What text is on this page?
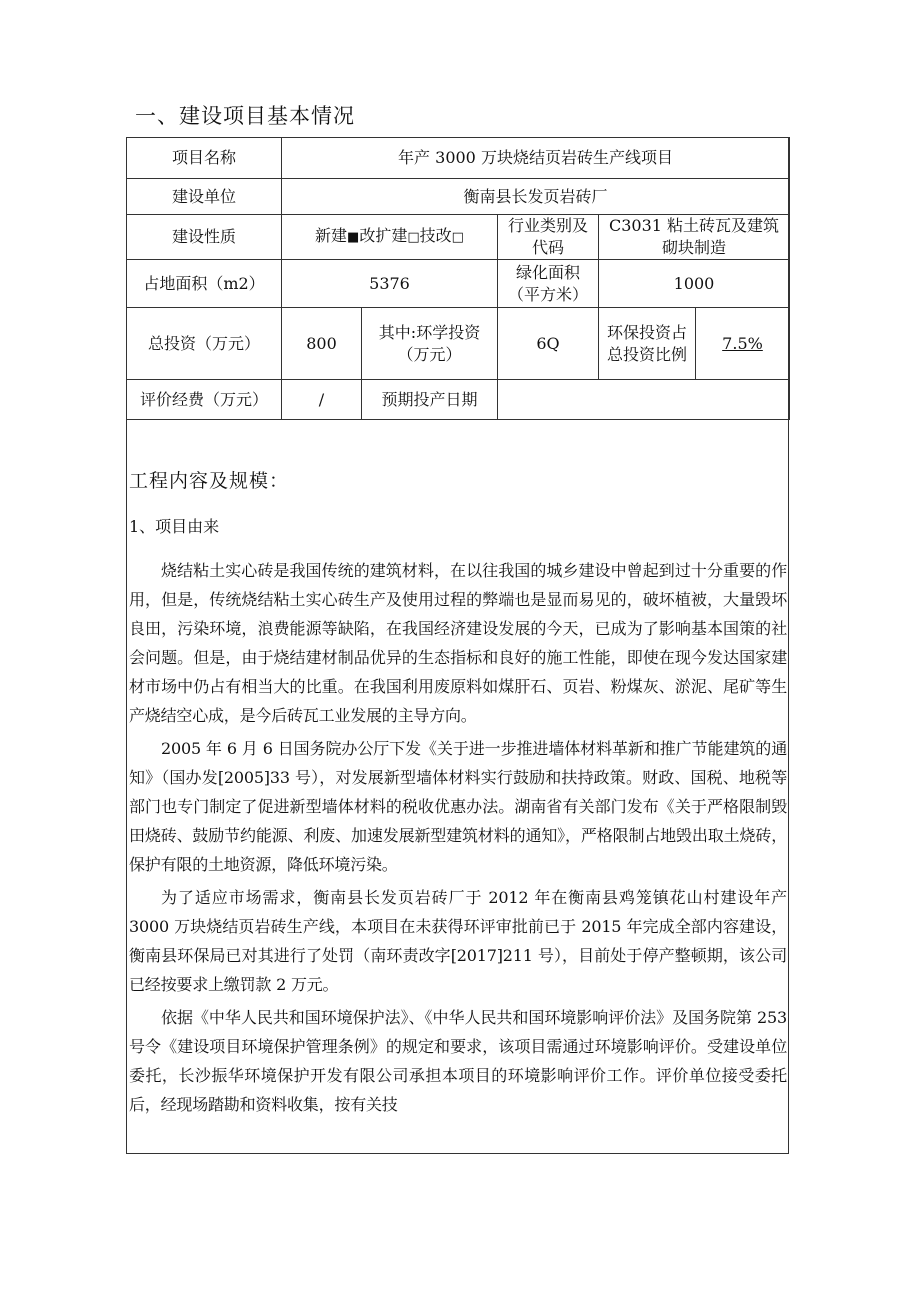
一、建设项目基本情况
项目名称	年产 3000 万块烧结页岩砖生产线项目				
建设单位	衡南县长发页岩砖厂				
建设性质	新建■改扩建□技改□		行业类别及代码	C3031 粘土砖瓦及建筑砌块制造	
占地面积（m2）	5376		绿化面积（平方米）	1000	
总投资（万元）	800	其中:环学投资（万元）	6Q	环保投资占总投资比例	7.5%
评价经费（万元）	/	预期投产日期			
工程内容及规模：
1、项目由来

烧结粘土实心砖是我国传统的建筑材料，在以往我国的城乡建设中曾起到过十分重要的作用，但是，传统烧结粘土实心砖生产及使用过程的弊端也是显而易见的，破坏植被，大量毁坏良田，污染环境，浪费能源等缺陷，在我国经济建设发展的今天，已成为了影响基本国策的社会问题。但是，由于烧结建材制品优异的生态指标和良好的施工性能，即使在现今发达国家建材市场中仍占有相当大的比重。在我国利用废原料如煤肝石、页岩、粉煤灰、淤泥、尾矿等生产烧结空心成，是今后砖瓦工业发展的主导方向。

2005 年 6 月 6 日国务院办公厅下发《关于进一步推进墙体材料革新和推广节能建筑的通知》（国办发[2005]33 号），对发展新型墙体材料实行鼓励和扶持政策。财政、国税、地税等部门也专门制定了促进新型墙体材料的税收优惠办法。湖南省有关部门发布《关于严格限制毁田烧砖、鼓励节约能源、利废、加速发展新型建筑材料的通知》，严格限制占地毁出取土烧砖，保护有限的土地资源，降低环境污染。

为了适应市场需求，衡南县长发页岩砖厂于 2012 年在衡南县鸡笼镇花山村建设年产 3000 万块烧结页岩砖生产线，本项目在未获得环评审批前已于 2015 年完成全部内容建设，衡南县环保局已对其进行了处罚（南环责改字[2017]211 号），目前处于停产整顿期，该公司已经按要求上缴罚款 2 万元。

依据《中华人民共和国环境保护法》、《中华人民共和国环境影响评价法》及国务院第 253 号令《建设项目环境保护管理条例》的规定和要求，该项目需通过环境影响评价。受建设单位委托，长沙振华环境保护开发有限公司承担本项目的环境影响评价工作。评价单位接受委托后，经现场踏勘和资料收集，按有关技
